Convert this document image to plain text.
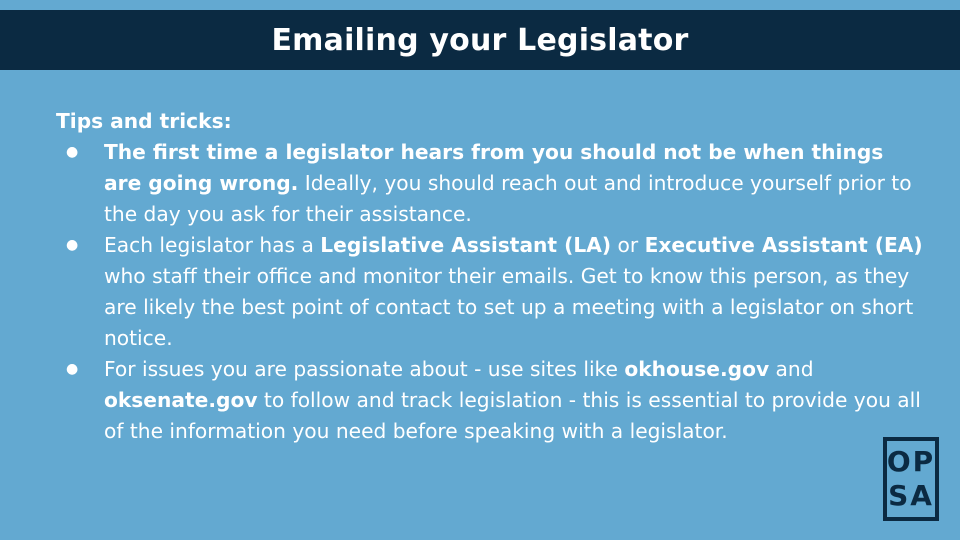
Emailing your Legislator

Tips and tricks:

● The first time a legislator hears from you should not be when things are going wrong. Ideally, you should reach out and introduce yourself prior to the day you ask for their assistance.
● Each legislator has a Legislative Assistant (LA) or Executive Assistant (EA) who staff their office and monitor their emails. Get to know this person, as they are likely the best point of contact to set up a meeting with a legislator on short notice.
● For issues you are passionate about - use sites like okhouse.gov and oksenate.gov to follow and track legislation - this is essential to provide you all of the information you need before speaking with a legislator.
OP
SA
